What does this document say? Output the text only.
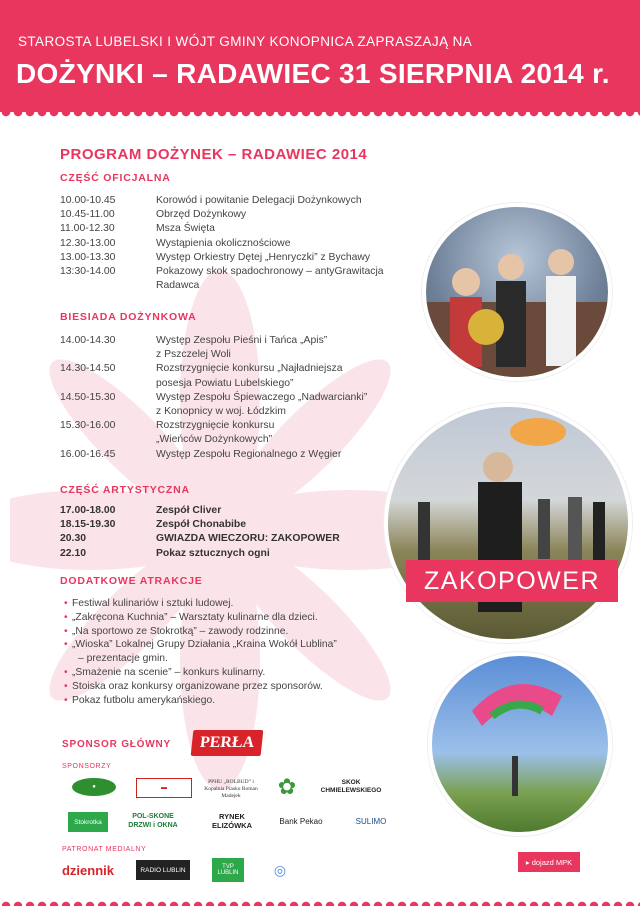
STAROSTA LUBELSKI I WÓJT GMINY KONOPNICA ZAPRASZAJĄ NA
DOŻYNKI – RADAWIEC 31 SIERPNIA 2014 r.
PROGRAM DOŻYNEK – RADAWIEC 2014
CZĘŚĆ OFICJALNA
10.00-10.45	Korowód i powitanie Delegacji Dożynkowych
10.45-11.00	Obrzęd Dożynkowy
11.00-12.30	Msza Święta
12.30-13.00	Wystąpienia okolicznościowe
13.00-13.30	Występ Orkiestry Dętej „Henryczki” z Bychawy
13:30-14.00	Pokazowy skok spadochronowy – antyGrawitacja
Radawca
BIESIADA DOŻYNKOWA
14.00-14.30	Występ Zespołu Pieśni i Tańca „Apis”
z Pszczelej Woli
14.30-14.50	Rozstrzygnięcie konkursu „Najładniejsza
posesja Powiatu Lubelskiego”
14.50-15.30	Występ Zespołu Śpiewaczego „Nadwarcianki”
z Konopnicy w woj. Łódzkim
15.30-16.00	Rozstrzygnięcie konkursu
„Wieńców Dożynkowych”
16.00-16.45	Występ Zespołu Regionalnego z Węgier
CZĘŚĆ ARTYSTYCZNA
17.00-18.00	Zespół Cliver
18.15-19.30	Zespół Chonabibe
20.30	GWIAZDA WIECZORU: ZAKOPOWER
22.10	Pokaz sztucznych ogni
DODATKOWE ATRAKCJE
• Festiwal kulinariów i sztuki ludowej.
• „Zakręcona Kuchnia” – Warsztaty kulinarne dla dzieci.
• „Na sportowo ze Stokrotką” – zawody rodzinne.
• „Wioska” Lokalnej Grupy Działania „Kraina Wokół Lublina”
– prezentacje gmin.
• „Smażenie na scenie” – konkurs kulinarny.
• Stoiska oraz konkursy organizowane przez sponsorów.
• Pokaz futbolu amerykańskiego.
ZAKOPOWER
SPONSOR GŁÓWNY	PERŁA
SPONSORZY
●	▬
PPHU „ROLBUD” i Kopalnia Piasku Roman Madejek	✿	SKOK CHMIELEWSKIEGO
Stokrotka
POL-SKONE DRZWI i OKNA
RYNEK ELIZÓWKA	Bank Pekao	SULIMO
PATRONAT MEDIALNY
dziennik	RADIO LUBLIN	TVP LUBLIN	◎	▸ dojazd MPK
